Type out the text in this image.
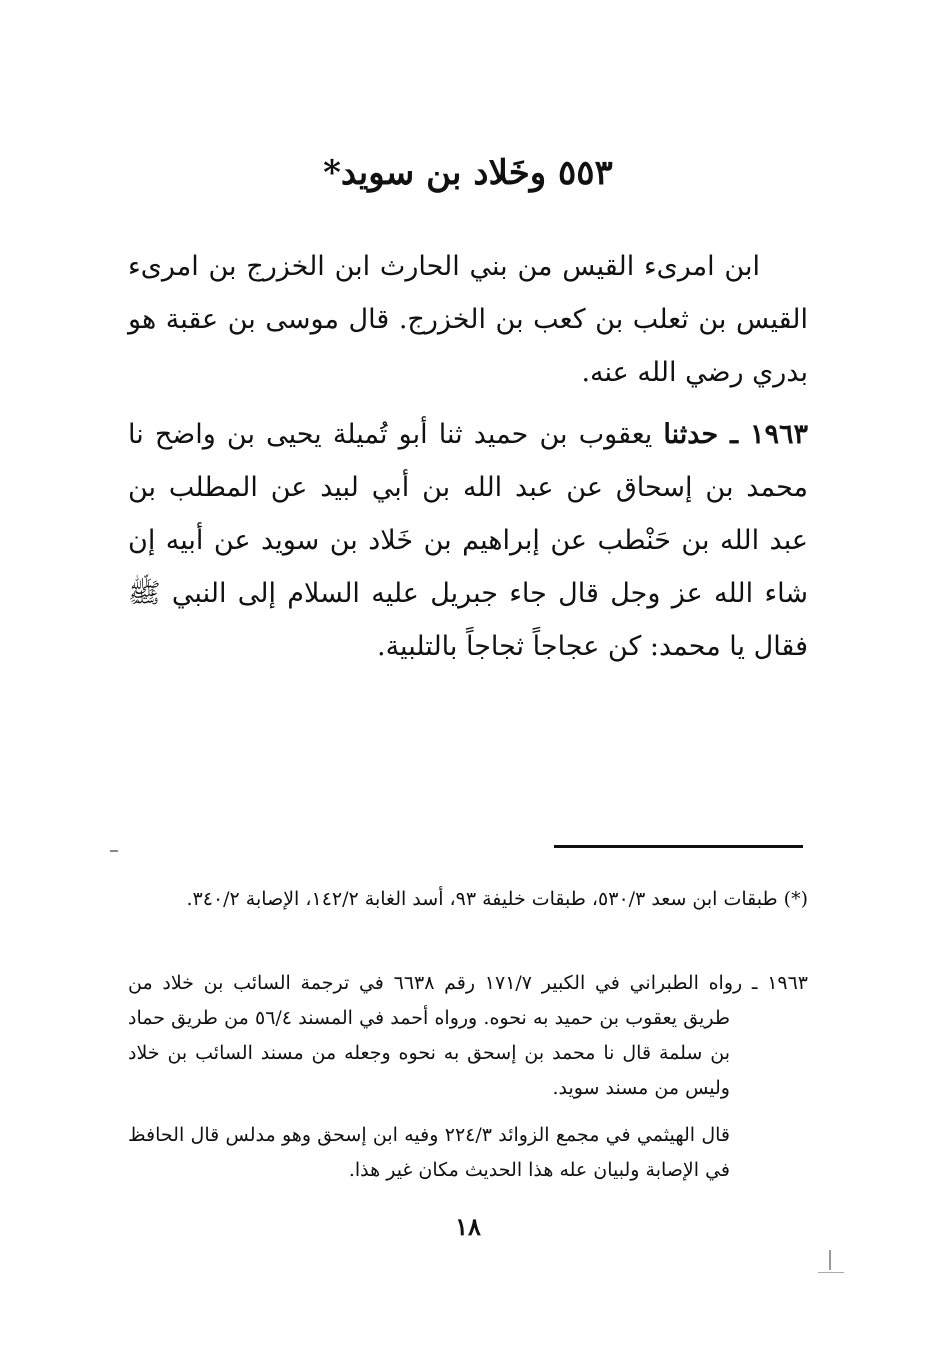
٥٥٣ وخَلاد بن سويد*

ابن امرىء القيس من بني الحارث ابن الخزرج بن امرىء القيس بن ثعلب بن كعب بن الخزرج. قال موسى بن عقبة هو بدري رضي الله عنه.

١٩٦٣ ـ حدثنا يعقوب بن حميد ثنا أبو تُميلة يحيى بن واضح نا محمد بن إسحاق عن عبد الله بن أبي لبيد عن المطلب بن عبد الله بن حَنْطب عن إبراهيم بن خَلاد بن سويد عن أبيه إن شاء الله عز وجل قال جاء جبريل عليه السلام إلى النبي ﷺ فقال يا محمد: كن عجاجاً ثجاجاً بالتلبية.

(*) طبقات ابن سعد ٥٣٠/٣، طبقات خليفة ٩٣، أسد الغابة ١٤٢/٢، الإصابة ٣٤٠/٢.

١٩٦٣ ـ رواه الطبراني في الكبير ١٧١/٧ رقم ٦٦٣٨ في ترجمة السائب بن خلاد من طريق يعقوب بن حميد به نحوه. ورواه أحمد في المسند ٥٦/٤ من طريق حماد بن سلمة قال نا محمد بن إسحق به نحوه وجعله من مسند السائب بن خلاد وليس من مسند سويد.

قال الهيثمي في مجمع الزوائد ٢٢٤/٣ وفيه ابن إسحق وهو مدلس قال الحافظ في الإصابة ولبيان عله هذا الحديث مكان غير هذا.

١٨
